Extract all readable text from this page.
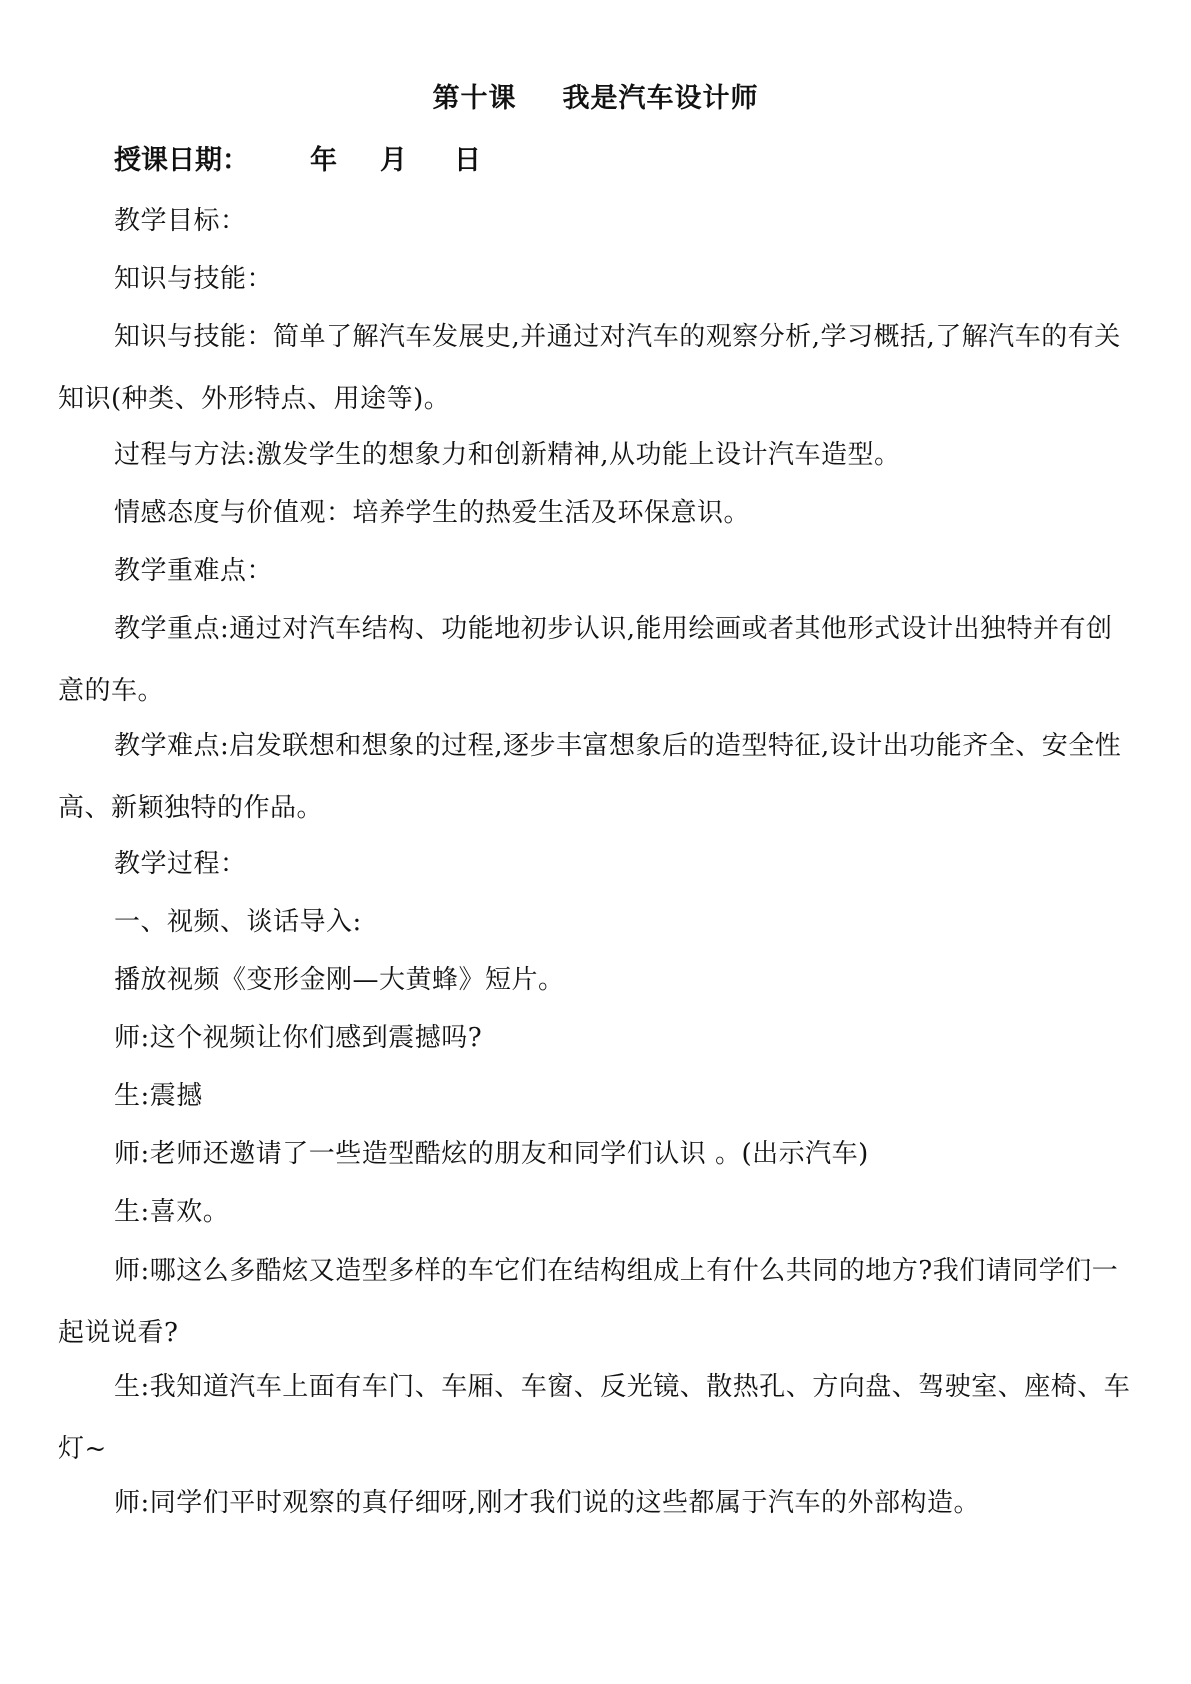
第十课 我是汽车设计师
授课日期： 年 月 日
教学目标：
知识与技能：
知识与技能：简单了解汽车发展史,并通过对汽车的观察分析,学习概括,了解汽车的有关知识(种类、外形特点、用途等)。
过程与方法:激发学生的想象力和创新精神,从功能上设计汽车造型。
情感态度与价值观：培养学生的热爱生活及环保意识。
教学重难点：
教学重点:通过对汽车结构、功能地初步认识,能用绘画或者其他形式设计出独特并有创意的车。
教学难点:启发联想和想象的过程,逐步丰富想象后的造型特征,设计出功能齐全、安全性高、新颖独特的作品。
教学过程：
一、视频、谈话导入:
播放视频《变形金刚—大黄蜂》短片。
师:这个视频让你们感到震撼吗?
生:震撼
师:老师还邀请了一些造型酷炫的朋友和同学们认识 。(出示汽车)
生:喜欢。
师:哪这么多酷炫又造型多样的车它们在结构组成上有什么共同的地方?我们请同学们一起说说看?
生:我知道汽车上面有车门、车厢、车窗、反光镜、散热孔、方向盘、驾驶室、座椅、车灯~
师:同学们平时观察的真仔细呀,刚才我们说的这些都属于汽车的外部构造。
